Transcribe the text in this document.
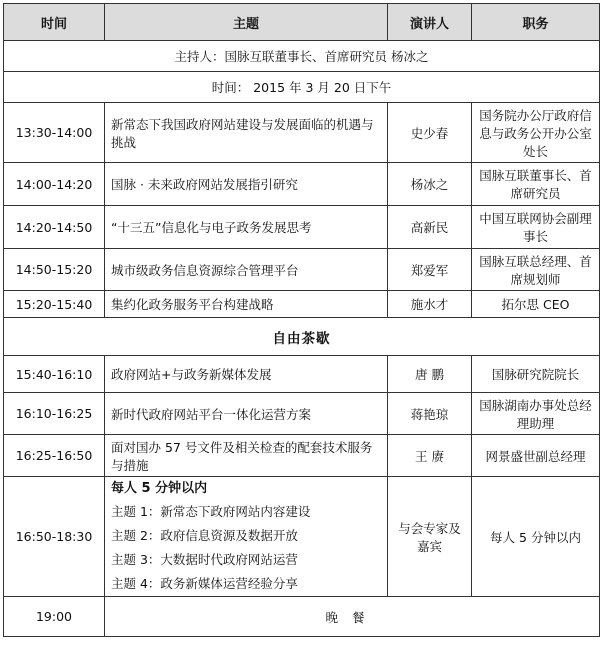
时间	主题	演讲人	职务
主持人：国脉互联董事长、首席研究员 杨冰之			
时间： 2015 年 3 月 20 日下午			
13:30-14:00	新常态下我国政府网站建设与发展面临的机遇与挑战	史少春	国务院办公厅政府信息与政务公开办公室处长
14:00-14:20	国脉 · 未来政府网站发展指引研究	杨冰之	国脉互联董事长、首席研究员
14:20-14:50	“十三五”信息化与电子政务发展思考	高新民	中国互联网协会副理事长
14:50-15:20	城市级政务信息资源综合管理平台	郑爱军	国脉互联总经理、首席规划师
15:20-15:40	集约化政务服务平台构建战略	施水才	拓尔思 CEO
自由茶歇			
15:40-16:10	政府网站+与政务新媒体发展	唐 鹏	国脉研究院院长
16:10-16:25	新时代政府网站平台一体化运营方案	蒋艳琼	国脉湖南办事处总经理助理
16:25-16:50	面对国办 57 号文件及相关检查的配套技术服务与措施	王 赓	网景盛世副总经理
16:50-18:30	每人 5 分钟以内
主题 1：新常态下政府网站内容建设
主题 2：政府信息资源及数据开放
主题 3：大数据时代政府网站运营
主题 4：政务新媒体运营经验分享	与会专家及嘉宾	每人 5 分钟以内
19:00	晚餐		
